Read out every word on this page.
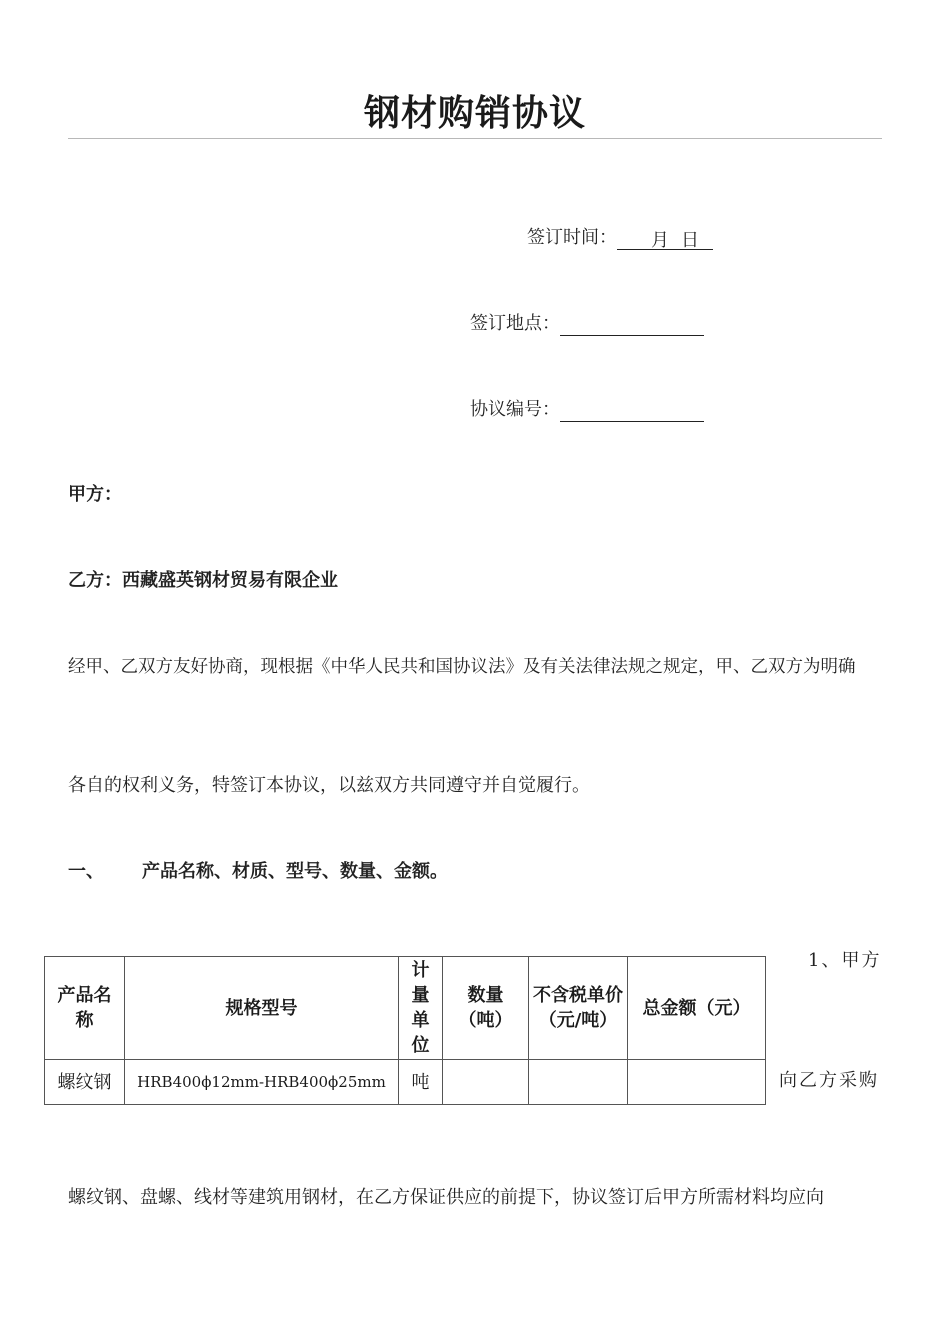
钢材购销协议
签订时间： 月 日
签订地点：
协议编号：
甲方：
乙方：西藏盛英钢材贸易有限企业
经甲、乙双方友好协商，现根据《中华人民共和国协议法》及有关法律法规之规定，甲、乙双方为明确
各自的权利义务，特签订本协议，以兹双方共同遵守并自觉履行。
一、 产品名称、材质、型号、数量、金额。
1、甲方
向乙方采购
产品名称	规格型号	计量单位	数量（吨）	不含税单价（元/吨）	总金额（元）
螺纹钢	HRB400ϕ12mm-HRB400ϕ25mm	吨			
螺纹钢、盘螺、线材等建筑用钢材，在乙方保证供应的前提下，协议签订后甲方所需材料均应向
